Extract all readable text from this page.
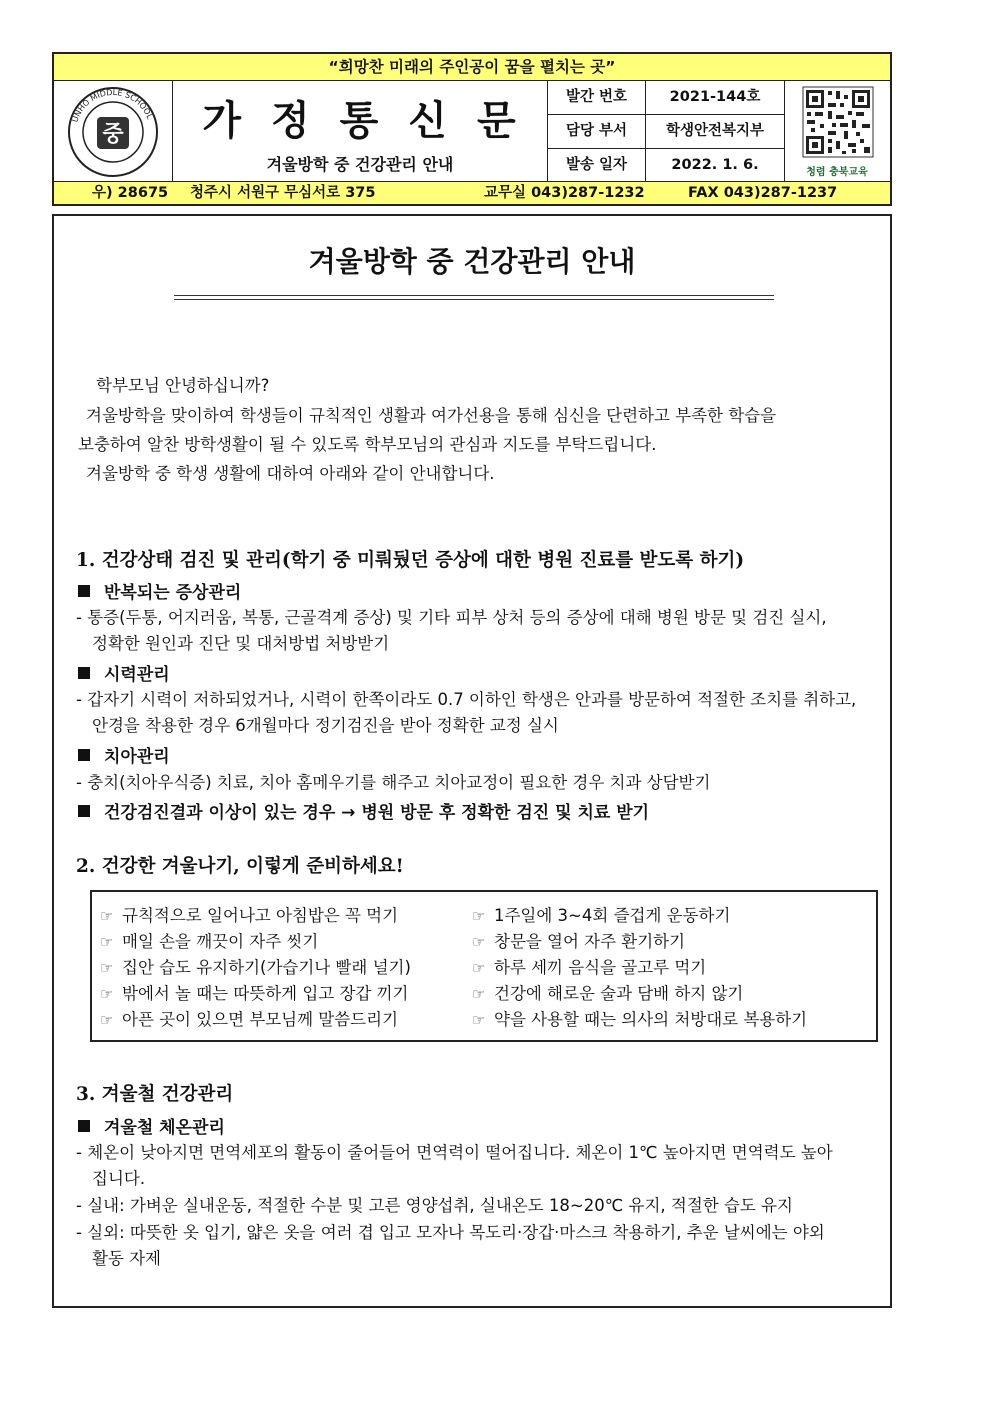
“희망찬 미래의 주인공이 꿈을 펼치는 곳”
UNHO MIDDLE SCHOOL
중	가정통신문
겨울방학 중 건강관리 안내
발간 번호	2021-144호
담당 부서	학생안전복지부
발송 일자	2022. 1. 6.	청렴 충북교육
우) 28675 청주시 서원구 무심서로 375	교무실 043)287-1232	FAX 043)287-1237
겨울방학 중 건강관리 안내
학부모님 안녕하십니까?
겨울방학을 맞이하여 학생들이 규칙적인 생활과 여가선용을 통해 심신을 단련하고 부족한 학습을
보충하여 알찬 방학생활이 될 수 있도록 학부모님의 관심과 지도를 부탁드립니다.
겨울방학 중 학생 생활에 대하여 아래와 같이 안내합니다.
1. 건강상태 검진 및 관리(학기 중 미뤄뒀던 증상에 대한 병원 진료를 받도록 하기)
반복되는 증상관리
- 통증(두통, 어지러움, 복통, 근골격계 증상) 및 기타 피부 상처 등의 증상에 대해 병원 방문 및 검진 실시,
정확한 원인과 진단 및 대처방법 처방받기
시력관리
- 갑자기 시력이 저하되었거나, 시력이 한쪽이라도 0.7 이하인 학생은 안과를 방문하여 적절한 조치를 취하고,
안경을 착용한 경우 6개월마다 정기검진을 받아 정확한 교정 실시
치아관리
- 충치(치아우식증) 치료, 치아 홈메우기를 해주고 치아교정이 필요한 경우 치과 상담받기
건강검진결과 이상이 있는 경우 → 병원 방문 후 정확한 검진 및 치료 받기
2. 건강한 겨울나기, 이렇게 준비하세요!
☞ 규칙적으로 일어나고 아침밥은 꼭 먹기
☞ 매일 손을 깨끗이 자주 씻기
☞ 집안 습도 유지하기(가습기나 빨래 널기)
☞ 밖에서 놀 때는 따뜻하게 입고 장갑 끼기
☞ 아픈 곳이 있으면 부모님께 말씀드리기
☞ 1주일에 3~4회 즐겁게 운동하기
☞ 창문을 열어 자주 환기하기
☞ 하루 세끼 음식을 골고루 먹기
☞ 건강에 해로운 술과 담배 하지 않기
☞ 약을 사용할 때는 의사의 처방대로 복용하기
3. 겨울철 건강관리
겨울철 체온관리
- 체온이 낮아지면 면역세포의 활동이 줄어들어 면역력이 떨어집니다. 체온이 1℃ 높아지면 면역력도 높아
집니다.
- 실내: 가벼운 실내운동, 적절한 수분 및 고른 영양섭취, 실내온도 18~20℃ 유지, 적절한 습도 유지
- 실외: 따뜻한 옷 입기, 얇은 옷을 여러 겹 입고 모자나 목도리·장갑·마스크 착용하기, 추운 날씨에는 야외
활동 자제
